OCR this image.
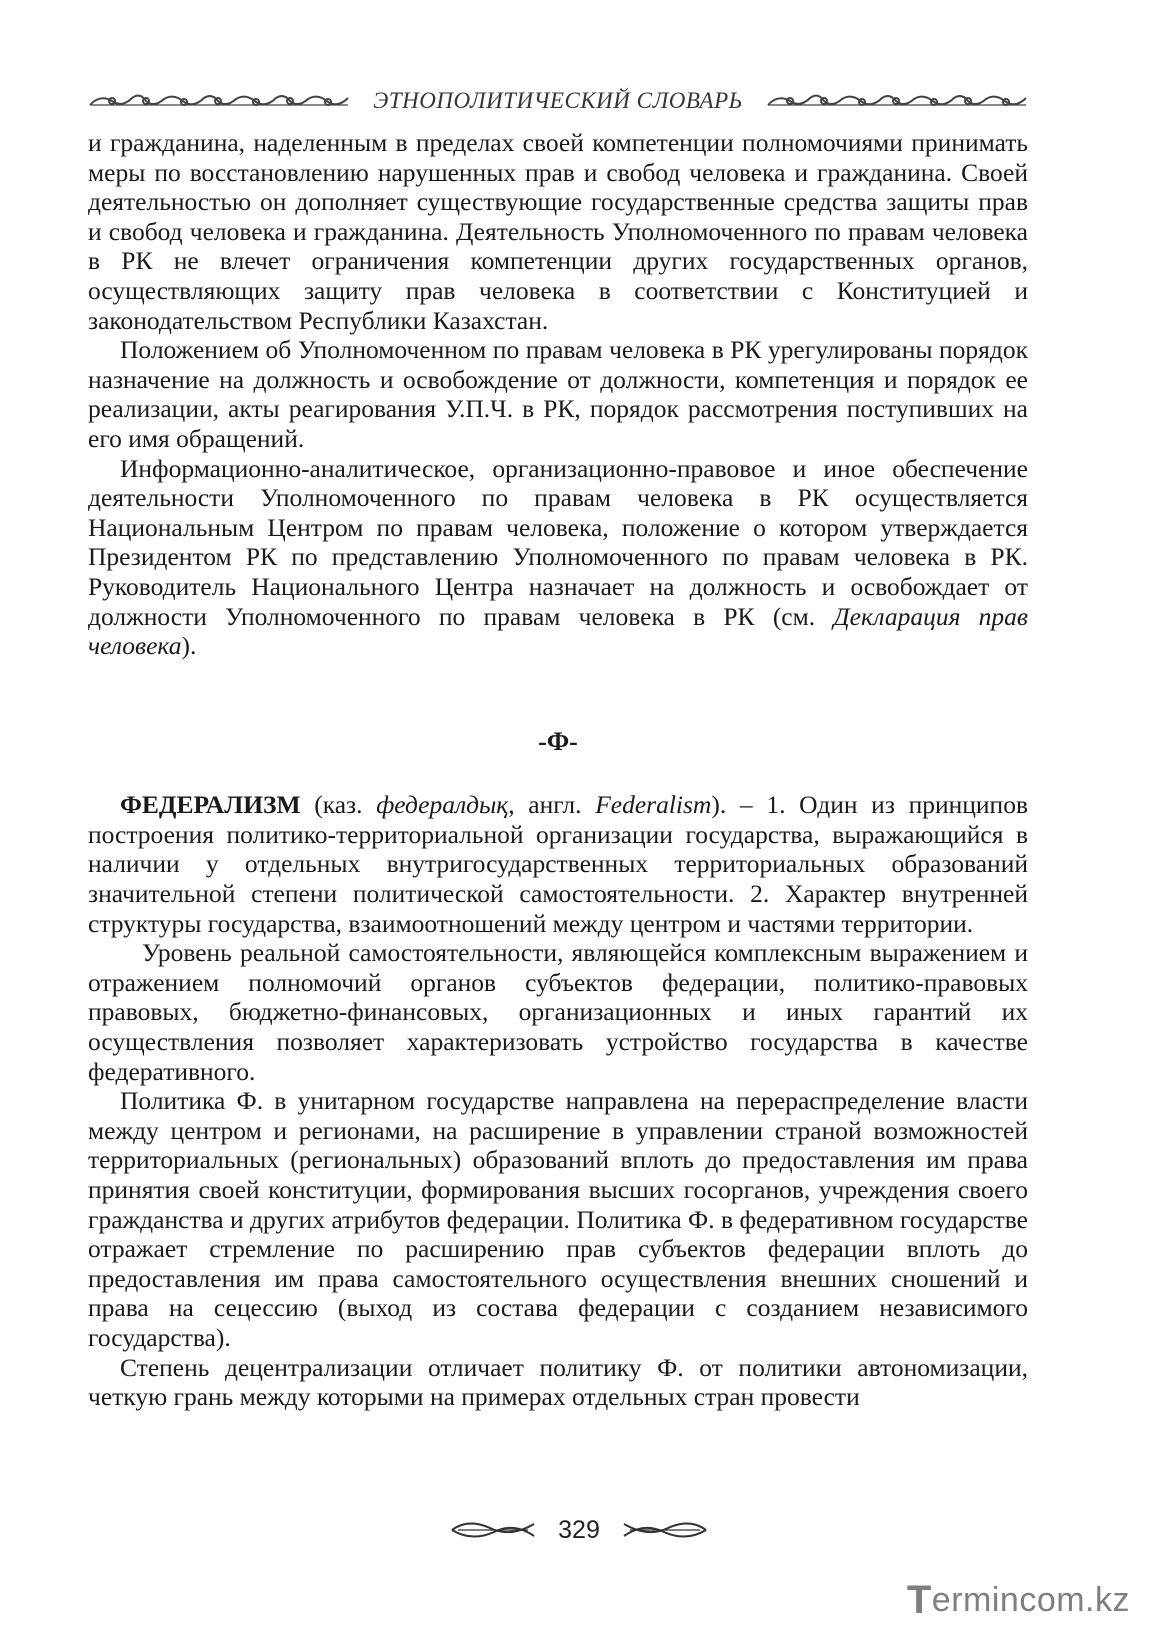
ЭТНОПОЛИТИЧЕСКИЙ СЛОВАРЬ

и гражданина, наделенным в пределах своей компетенции полномочиями принимать меры по восстановлению нарушенных прав и свобод человека и гражданина. Своей деятельностью он дополняет существующие государственные средства защиты прав и свобод человека и гражданина. Деятельность Уполномоченного по правам человека в РК не влечет ограничения компетенции других государственных органов, осуществляющих защиту прав человека в соответствии с Конституцией и законодательством Республики Казахстан.

Положением об Уполномоченном по правам человека в РК урегулированы порядок назначение на должность и освобождение от должности, компетенция и порядок ее реализации, акты реагирования У.П.Ч. в РК, порядок рассмотрения поступивших на его имя обращений.

Информационно-аналитическое, организационно-правовое и иное обеспечение деятельности Уполномоченного по правам человека в РК осуществляется Национальным Центром по правам человека, положение о котором утверждается Президентом РК по представлению Уполномоченного по правам человека в РК. Руководитель Национального Центра назначает на должность и освобождает от должности Уполномоченного по правам человека в РК (см. Декларация прав человека).

-Ф-

ФЕДЕРАЛИЗМ (каз. федералдық, англ. Federalism). – 1. Один из принципов построения политико-территориальной организации государства, выражающийся в наличии у отдельных внутригосударственных территориальных образований значительной степени политической самостоятельности. 2. Характер внутренней структуры государства, взаимоотношений между центром и частями территории.

Уровень реальной самостоятельности, являющейся комплексным выражением и отражением полномочий органов субъектов федерации, политико-правовых правовых, бюджетно-финансовых, организационных и иных гарантий их осуществления позволяет характеризовать устройство государства в качестве федеративного.

Политика Ф. в унитарном государстве направлена на перераспределение власти между центром и регионами, на расширение в управлении страной возможностей территориальных (региональных) образований вплоть до предоставления им права принятия своей конституции, формирования высших госорганов, учреждения своего гражданства и других атрибутов федерации. Политика Ф. в федеративном государстве отражает стремление по расширению прав субъектов федерации вплоть до предоставления им права самостоятельного осуществления внешних сношений и права на сецессию (выход из состава федерации с созданием независимого государства).

Степень децентрализации отличает политику Ф. от политики автономизации, четкую грань между которыми на примерах отдельных стран провести

329
T ermincom.kz
